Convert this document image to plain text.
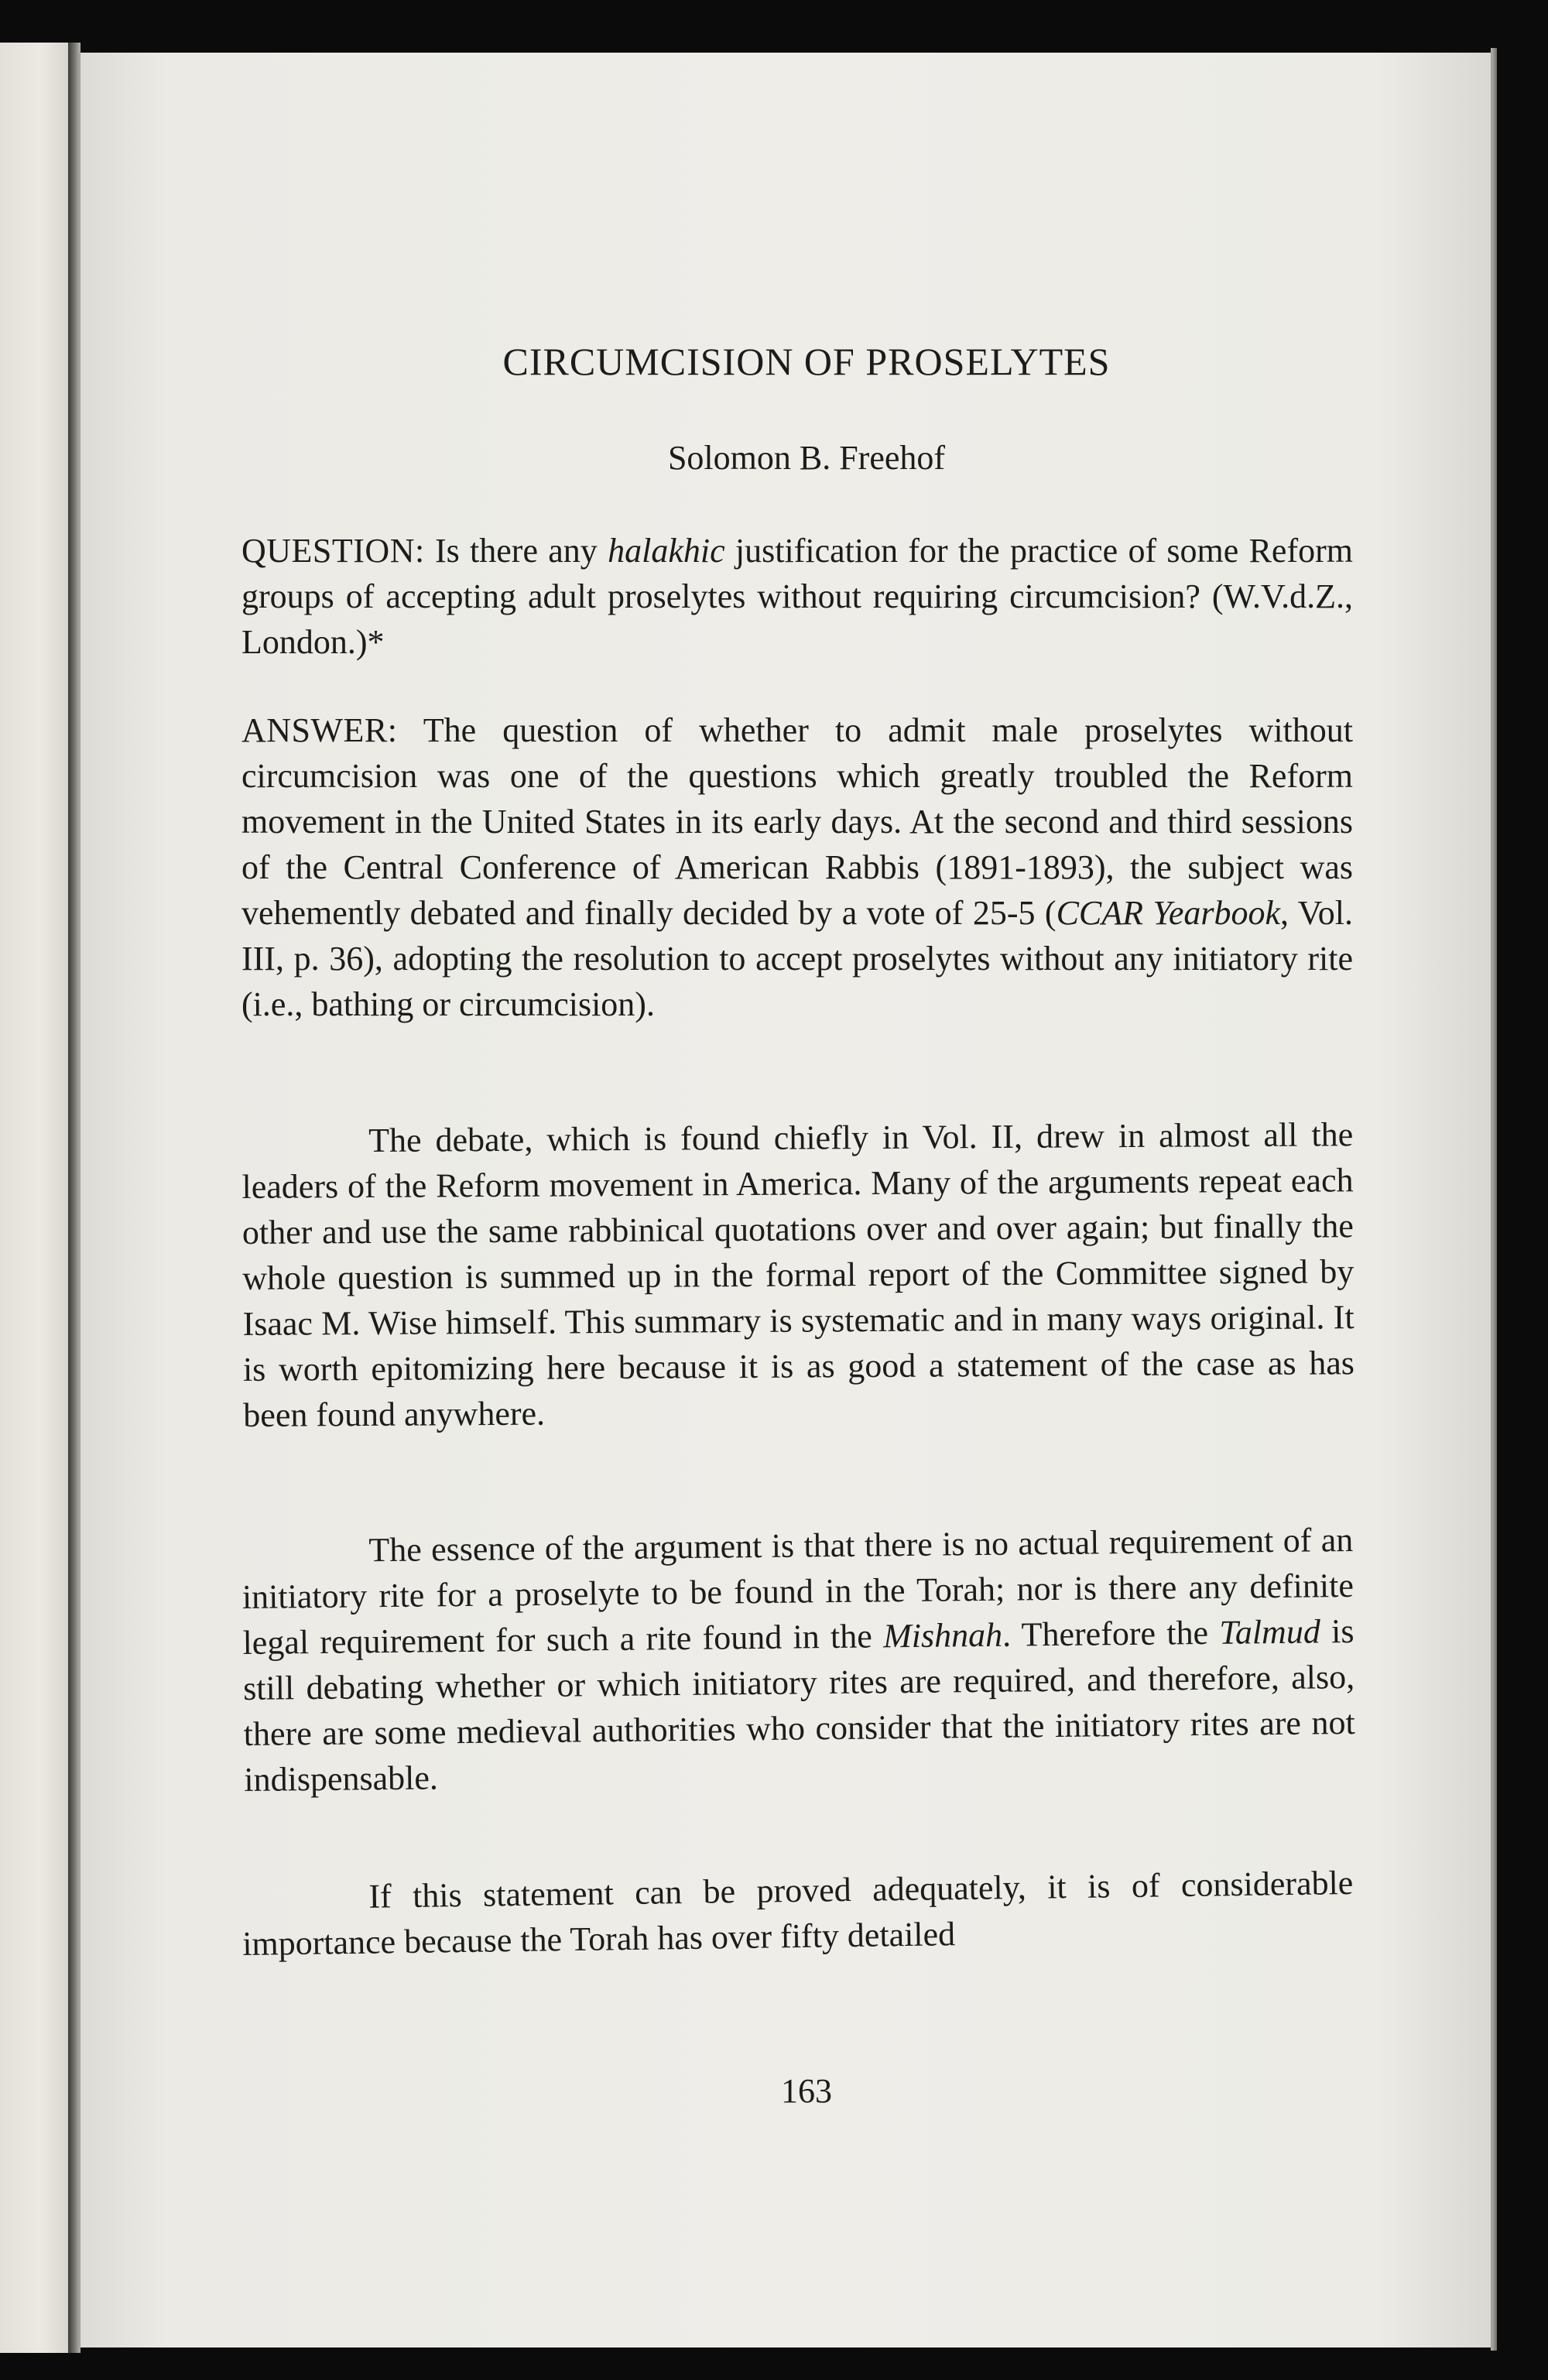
CIRCUMCISION OF PROSELYTES

Solomon B. Freehof

QUESTION: Is there any halakhic justification for the practice of some Reform groups of accepting adult proselytes without requiring circumcision? (W.V.d.Z., London.)*

ANSWER: The question of whether to admit male proselytes without circumcision was one of the questions which greatly troubled the Reform movement in the United States in its early days. At the second and third sessions of the Central Conference of American Rabbis (1891-1893), the subject was vehemently debated and finally decided by a vote of 25-5 (CCAR Yearbook, Vol. III, p. 36), adopting the resolution to accept proselytes without any initiatory rite (i.e., bathing or circumcision).

The debate, which is found chiefly in Vol. II, drew in almost all the leaders of the Reform movement in America. Many of the arguments repeat each other and use the same rabbinical quotations over and over again; but finally the whole question is summed up in the formal report of the Committee signed by Isaac M. Wise himself. This summary is systematic and in many ways original. It is worth epitomizing here because it is as good a statement of the case as has been found anywhere.

The essence of the argument is that there is no actual requirement of an initiatory rite for a proselyte to be found in the Torah; nor is there any definite legal requirement for such a rite found in the Mishnah. Therefore the Talmud is still debating whether or which initiatory rites are required, and therefore, also, there are some medieval authorities who consider that the initiatory rites are not indispensable.

If this statement can be proved adequately, it is of considerable importance because the Torah has over fifty detailed

163
